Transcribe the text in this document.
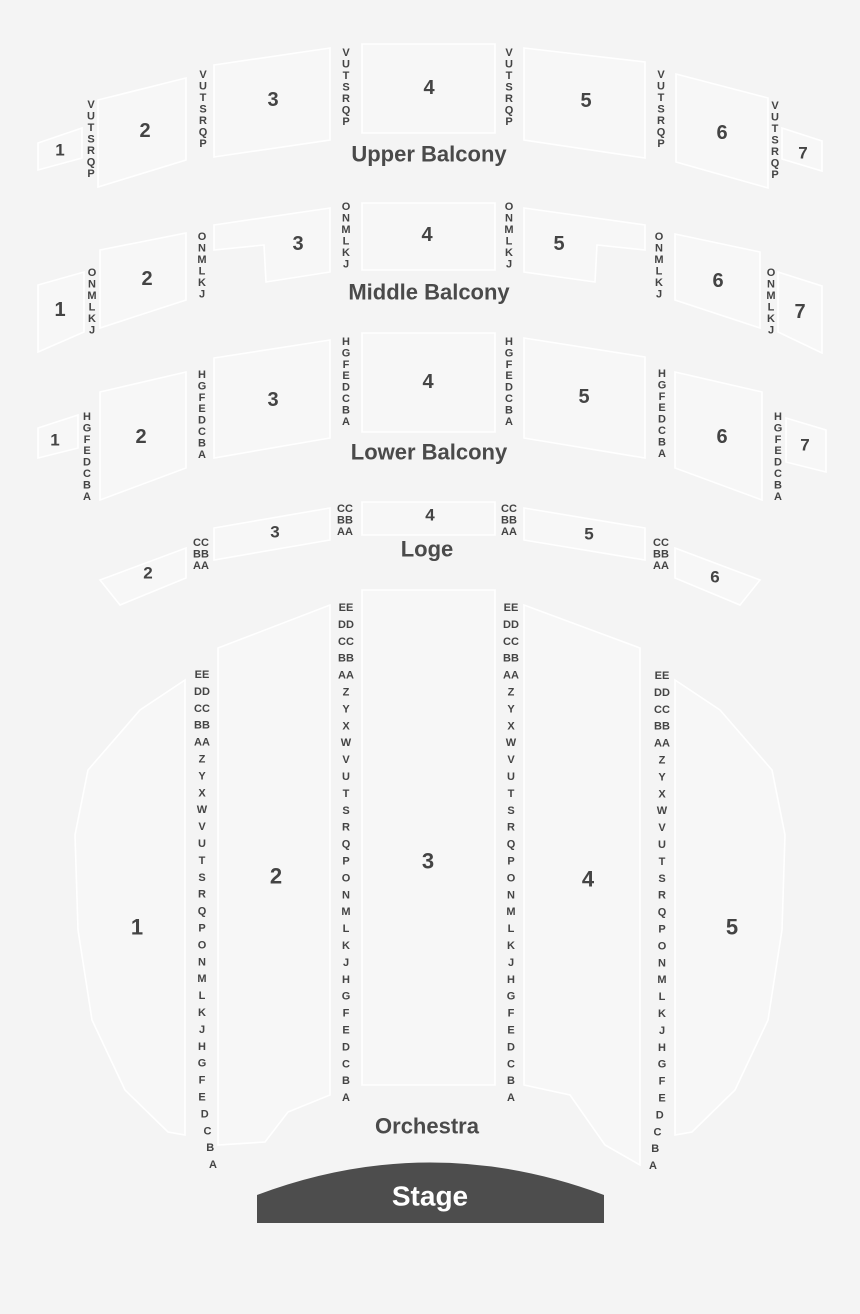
1
2
3
4
5
6
7
Upper Balcony
V U T S R Q P
V U T S R Q P
V U T S R Q P
V U T S R Q P
V U T S R Q P
V U T S R Q P
1
2
3	4	5
6
7
Middle Balcony
O N M L K J
O N M L K J
O N M L K J
O N M L K J
O N M L K J
O N M L K J
1	2
3
4
5
6	7
Lower Balcony
H G F E D C B A
H G F E D C B A
H G F E D C B A
H G F E D C B A
H G F E D C B A
H G F E D C B A
2
3
4
5
6
Loge
CC BB AA
CC BB AA
CC BB AA
CC BB AA
1
2
3
4
5
Orchestra
EE DD CC BB AA Z Y X W V U T S R Q P O N M L K J H G F E D C B A
EE DD CC BB AA Z Y X W V U T S R Q P O N M L K J H G F E D C B A
EE DD CC BB AA Z Y X W V U T S R Q P O N M L K J H G F E D C B A
EE DD CC BB AA Z Y X W V U T S R Q P O N M L K J H G F E D C B A
Stage
